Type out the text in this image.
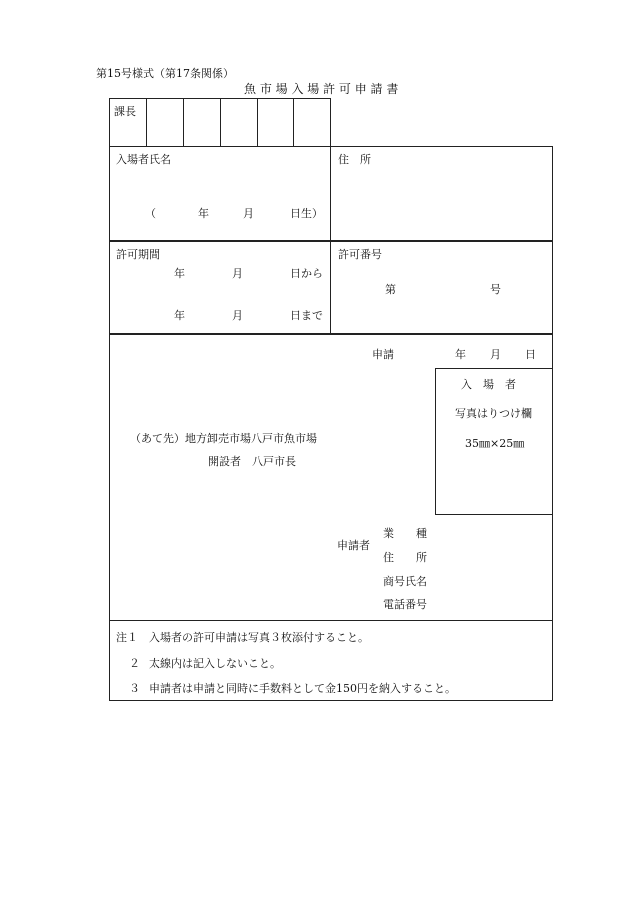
第15号様式（第17条関係）
魚 市 場 入 場 許 可 申 請 書
課長
入場者氏名
（	年	月	日生）
住　所
許可期間
年	月	日から
年	月	日まで
許可番号
第	号
申請	年 月 日
（あて先）地方卸売市場八戸市魚市場
開設者　八戸市長
入　場　者
写真はりつけ欄
35㎜×25㎜
申請者
業　　種
住　　所
商号氏名
電話番号
注１ 入場者の許可申請は写真３枚添付すること。
２ 太線内は記入しないこと。
３ 申請者は申請と同時に手数料として金150円を納入すること。
